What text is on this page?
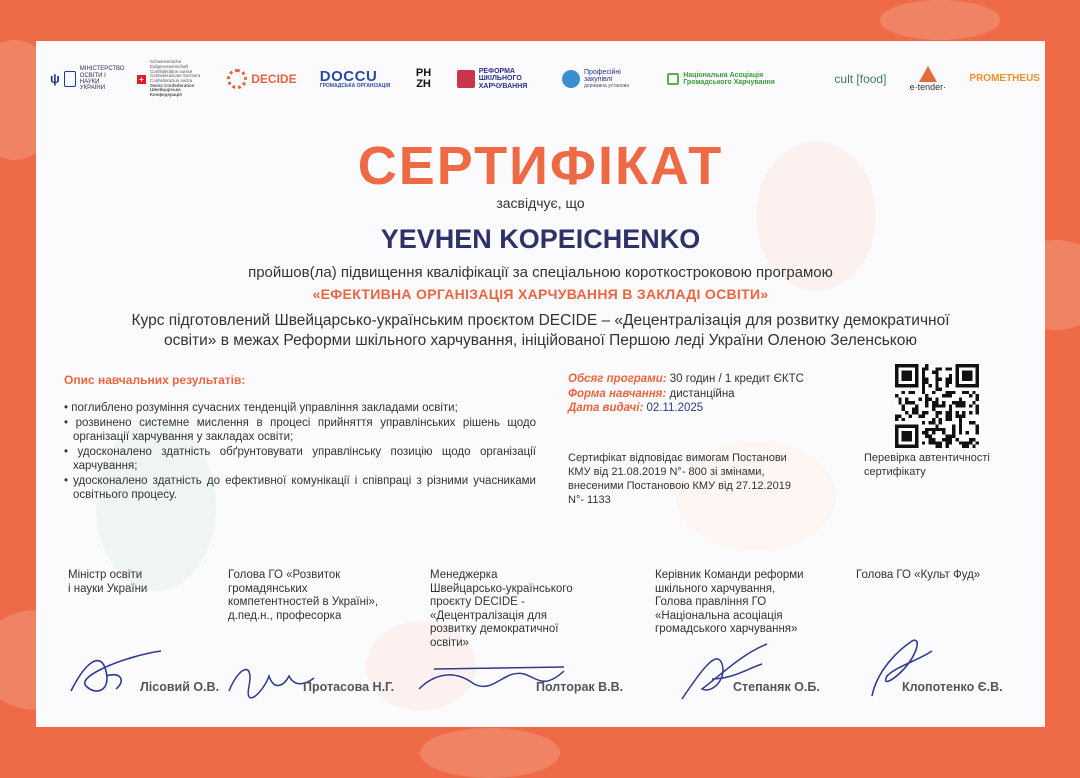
ψ
МІНІСТЕРСТВО ОСВІТИ І НАУКИ УКРАЇНИ
+
Schweizerische Eidgenossenschaft Confédération suisse Confederazione Svizzera Confederaziun svizra
Swiss Confederation Швейцарська Конфедерація
DECIDE DOCCU
ГРОМАДСЬКА ОРГАНІЗАЦІЯ
PH ZH
РЕФОРМА ШКІЛЬНОГО ХАРЧУВАННЯ
Професійні закупівлі
державна установа
Національна Асоціація Громадського Харчування	cult [food]
e·tender·
PROMETHEUS
СЕРТИФІКАТ
засвідчує, що
YEVHEN KOPEICHENKO
пройшов(ла) підвищення кваліфікації за спеціальною короткостроковою програмою
«ЕФЕКТИВНА ОРГАНІЗАЦІЯ ХАРЧУВАННЯ В ЗАКЛАДІ ОСВІТИ»
Курс підготовлений Швейцарсько-українським проєктом DECIDE – «Децентралізація для розвитку демократичної
освіти» в межах Реформи шкільного харчування, ініційованої Першою леді України Оленою Зеленською
Опис навчальних результатів:
• поглиблено розуміння сучасних тенденцій управління закладами освіти;
• розвинено системне мислення в процесі прийняття управлінських рішень щодо організації харчування у закладах освіти;
• удосконалено здатність обґрунтовувати управлінську позицію щодо організації харчування;
• удосконалено здатність до ефективної комунікації і співпраці з різними учасниками освітнього процесу.
Обсяг програми: 30 годин / 1 кредит ЄКТС
Форма навчання: дистанційна
Дата видачі: 02.11.2025
Сертифікат відповідає вимогам Постанови КМУ від 21.08.2019 N°- 800 зі змінами, внесеними Постановою КМУ від 27.12.2019 N°- 1133
Перевірка автентичності сертифікату
Міністр освіти
і науки України
Голова ГО «Розвиток
громадянських
компетентностей в Україні»,
д.пед.н., професорка
Менеджерка
Швейцарсько-українського
проєкту DECIDE -
«Децентралізація для
розвитку демократичної
освіти»
Керівник Команди реформи
шкільного харчування,
Голова правління ГО
«Національна асоціація
громадського харчування»
Голова ГО «Культ Фуд»
Лісовий О.В.	Протасова Н.Г.	Полторак В.В.	Степаняк О.Б.	Клопотенко Є.В.
